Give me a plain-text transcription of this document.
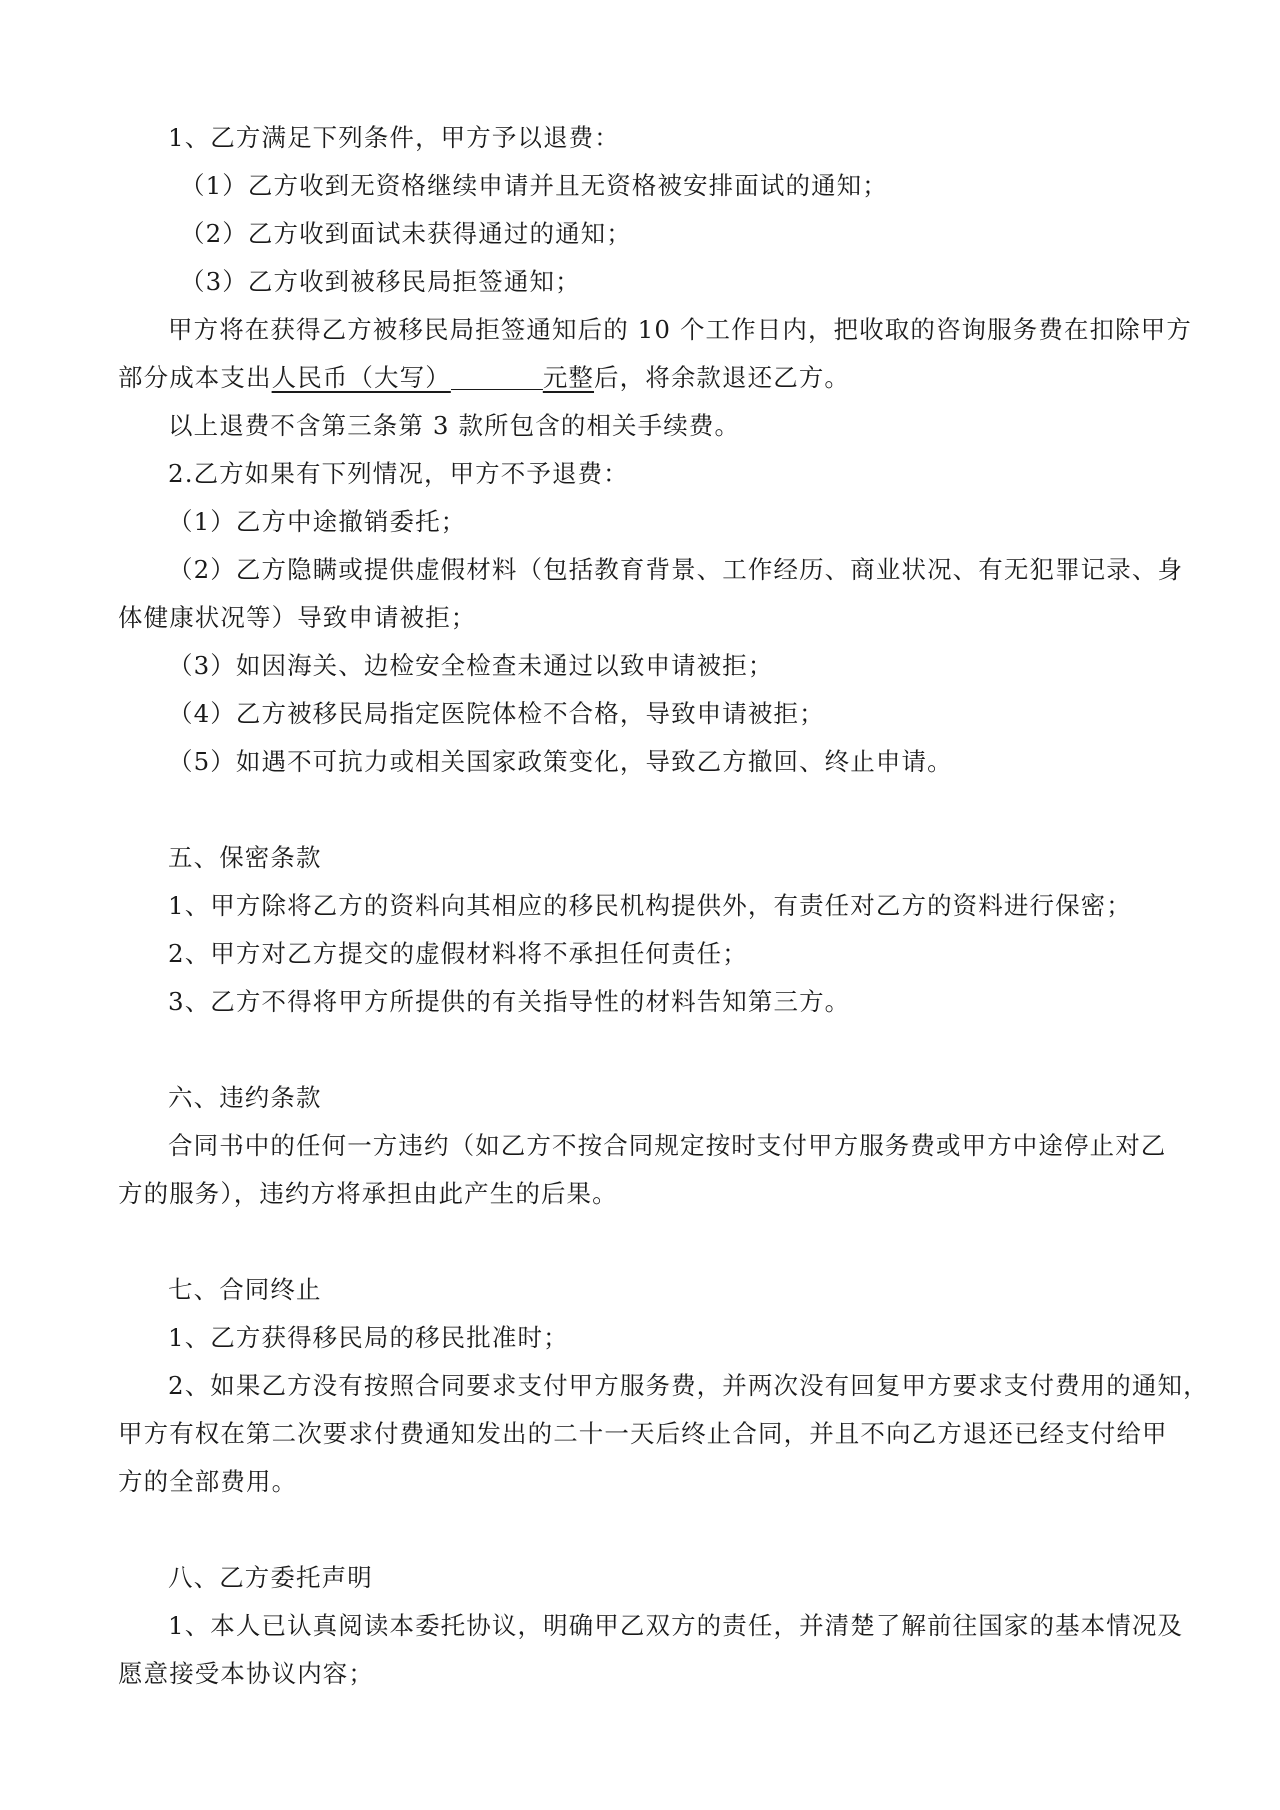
1、乙方满足下列条件，甲方予以退费：
（1）乙方收到无资格继续申请并且无资格被安排面试的通知；
（2）乙方收到面试未获得通过的通知；
（3）乙方收到被移民局拒签通知；
甲方将在获得乙方被移民局拒签通知后的 10 个工作日内，把收取的咨询服务费在扣除甲方
部分成本支出人民币（大写）	元整后，将余款退还乙方。
以上退费不含第三条第 3 款所包含的相关手续费。
2.乙方如果有下列情况，甲方不予退费：
（1）乙方中途撤销委托；
（2）乙方隐瞒或提供虚假材料（包括教育背景、工作经历、商业状况、有无犯罪记录、身
体健康状况等）导致申请被拒；
（3）如因海关、边检安全检查未通过以致申请被拒；
（4）乙方被移民局指定医院体检不合格，导致申请被拒；
（5）如遇不可抗力或相关国家政策变化，导致乙方撤回、终止申请。
五、保密条款
1、甲方除将乙方的资料向其相应的移民机构提供外，有责任对乙方的资料进行保密；
2、甲方对乙方提交的虚假材料将不承担任何责任；
3、乙方不得将甲方所提供的有关指导性的材料告知第三方。
六、违约条款
合同书中的任何一方违约（如乙方不按合同规定按时支付甲方服务费或甲方中途停止对乙
方的服务），违约方将承担由此产生的后果。
七、合同终止
1、乙方获得移民局的移民批准时；
2、如果乙方没有按照合同要求支付甲方服务费，并两次没有回复甲方要求支付费用的通知，
甲方有权在第二次要求付费通知发出的二十一天后终止合同，并且不向乙方退还已经支付给甲
方的全部费用。
八、乙方委托声明
1、本人已认真阅读本委托协议，明确甲乙双方的责任，并清楚了解前往国家的基本情况及
愿意接受本协议内容；
